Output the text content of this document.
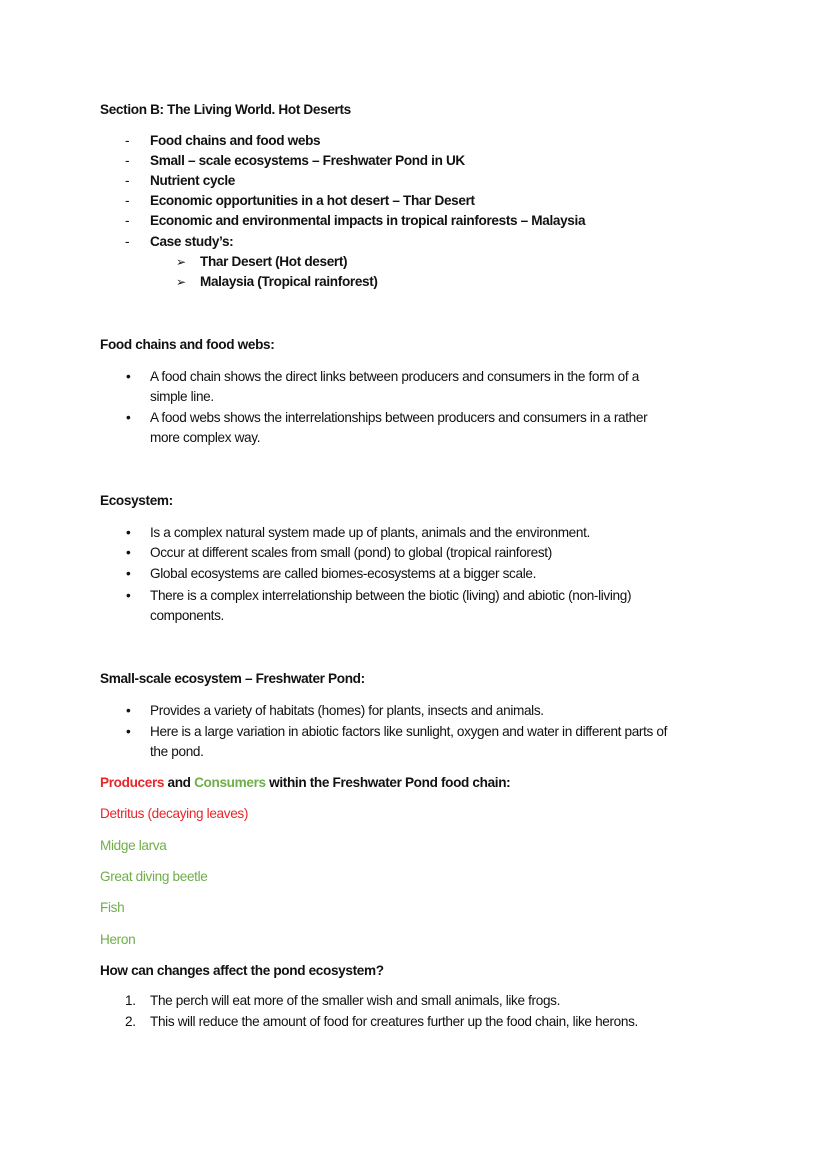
Section B: The Living World. Hot Deserts
- Food chains and food webs
- Small – scale ecosystems – Freshwater Pond in UK
- Nutrient cycle
- Economic opportunities in a hot desert – Thar Desert
- Economic and environmental impacts in tropical rainforests – Malaysia
- Case study’s:
➢ Thar Desert (Hot desert)
➢ Malaysia (Tropical rainforest)
Food chains and food webs:
• A food chain shows the direct links between producers and consumers in the form of a
simple line.
• A food webs shows the interrelationships between producers and consumers in a rather
more complex way.
Ecosystem:
• Is a complex natural system made up of plants, animals and the environment.
• Occur at different scales from small (pond) to global (tropical rainforest)
• Global ecosystems are called biomes-ecosystems at a bigger scale.
• There is a complex interrelationship between the biotic (living) and abiotic (non-living)
components.
Small-scale ecosystem – Freshwater Pond:
• Provides a variety of habitats (homes) for plants, insects and animals.
• Here is a large variation in abiotic factors like sunlight, oxygen and water in different parts of
the pond.
Producers and Consumers within the Freshwater Pond food chain:
Detritus (decaying leaves)
Midge larva
Great diving beetle
Fish
Heron
How can changes affect the pond ecosystem?
1. The perch will eat more of the smaller wish and small animals, like frogs.
2. This will reduce the amount of food for creatures further up the food chain, like herons.
